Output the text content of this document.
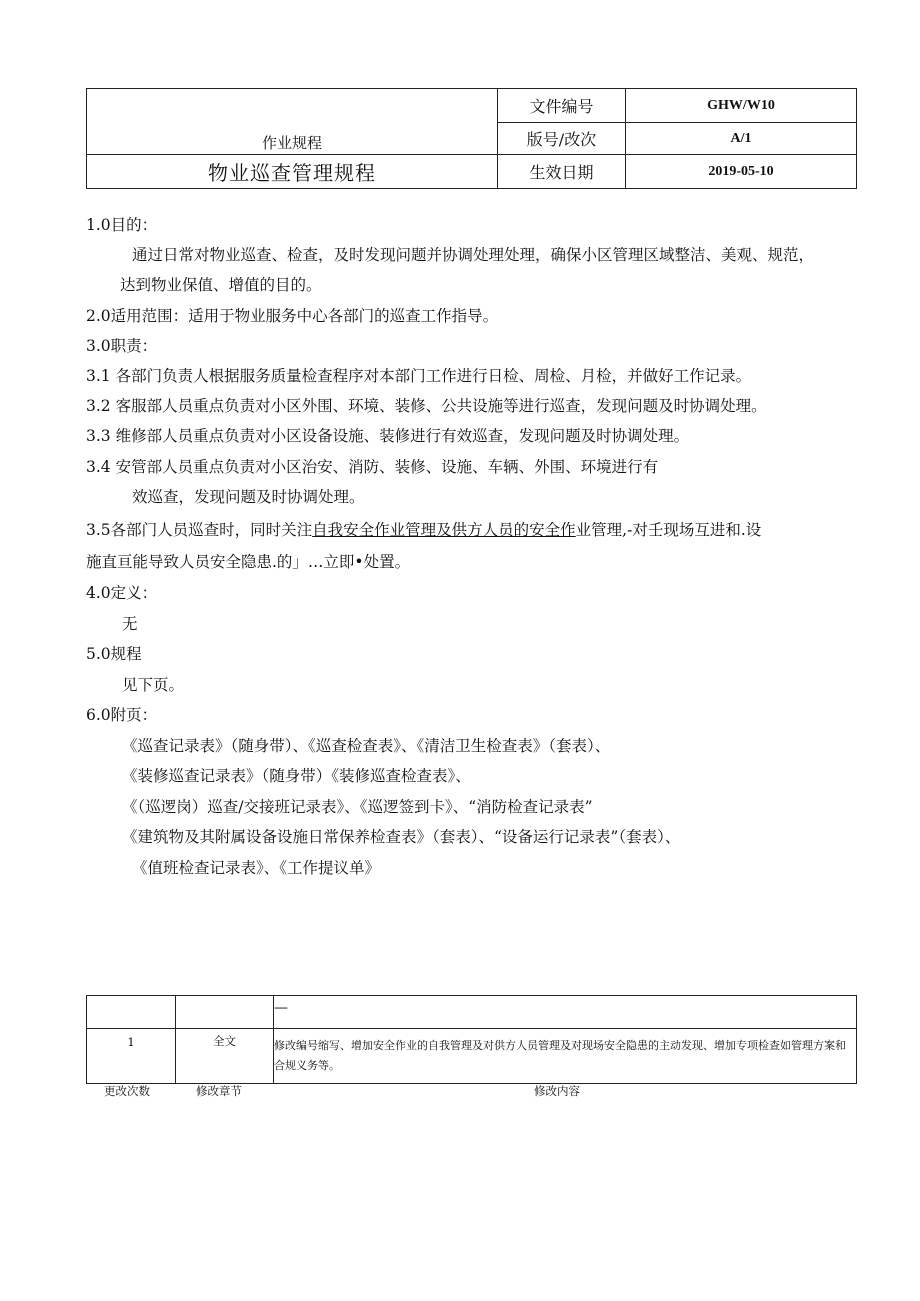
作业规程	文件编号	GHW/W10
	版号/改次	A/1
物业巡查管理规程	生效日期	2019-05-10
1.0目的：
通过日常对物业巡查、检查，及时发现问题并协调处理处理，确保小区管理区域整洁、美观、规范，
达到物业保值、增值的目的。
2.0适用范围：适用于物业服务中心各部门的巡查工作指导。
3.0职责：
3.1 各部门负责人根据服务质量检查程序对本部门工作进行日检、周检、月检，并做好工作记录。
3.2 客服部人员重点负责对小区外围、环境、装修、公共设施等进行巡查，发现问题及时协调处理。
3.3 维修部人员重点负责对小区设备设施、装修进行有效巡查，发现问题及时协调处理。
3.4 安管部人员重点负责对小区治安、消防、装修、设施、车辆、外围、环境进行有
效巡查，发现问题及时协调处理。
3.5各部门人员巡查时，同时关注自我安全作业管理及供方人员的安全作业管理,-对壬现场互进和.设
施直亘能导致人员安全隐患.的」…立即•处置。
4.0定义：
无
5.0规程
见下页。
6.0附页：
《巡查记录表》（随身带）、《巡查检查表》、《清洁卫生检查表》（套表）、
《装修巡查记录表》（随身带）《装修巡查检查表》、
《（巡逻岗）巡查/交接班记录表》、《巡逻签到卡》、“消防检查记录表”
《建筑物及其附属设备设施日常保养检查表》（套表）、“设备运行记录表”（套表）、
《值班检查记录表》、《工作提议单》
		—
1	全文	修改编号缩写、增加安全作业的自我管理及对供方人员管理及对现场安全隐患的主动发现、增加专项检查如管理方案和合规义务等。
更改次数	修改章节	修改内容
